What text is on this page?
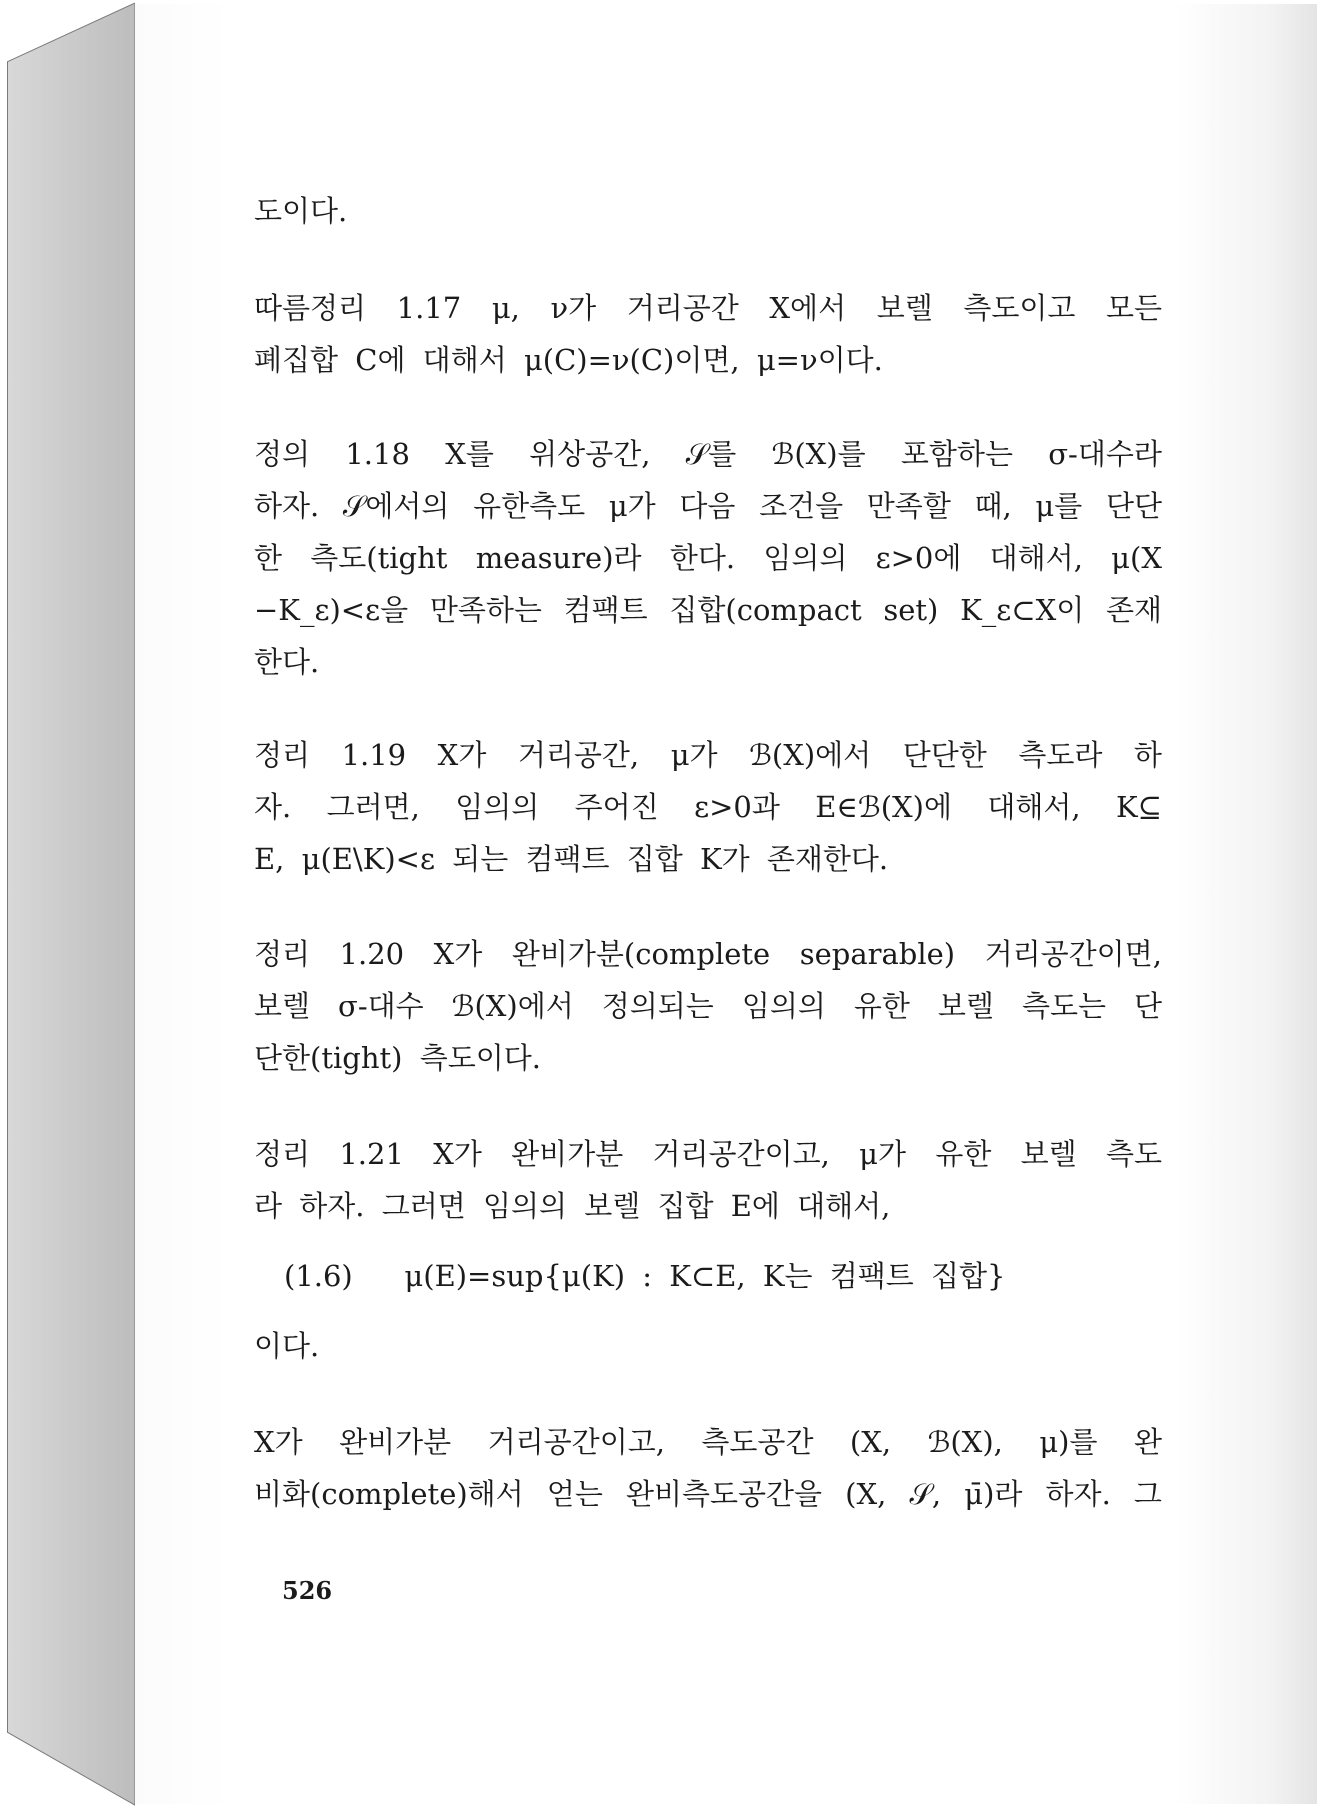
도이다.
따름정리 1.17 μ, ν가 거리공간 X에서 보렐 측도이고 모든
폐집합 C에 대해서 μ(C)=ν(C)이면, μ=ν이다.
정의 1.18 X를 위상공간, 𝒮를 ℬ(X)를 포함하는 σ-대수라
하자. 𝒮에서의 유한측도 μ가 다음 조건을 만족할 때, μ를 단단
한 측도(tight measure)라 한다. 임의의 ε>0에 대해서, μ(X
−K_ε)<ε을 만족하는 컴팩트 집합(compact set) K_ε⊂X이 존재
한다.
정리 1.19 X가 거리공간, μ가 ℬ(X)에서 단단한 측도라 하
자. 그러면, 임의의 주어진 ε>0과 E∈ℬ(X)에 대해서, K⊆
E, μ(E\K)<ε 되는 컴팩트 집합 K가 존재한다.
정리 1.20 X가 완비가분(complete separable) 거리공간이면,
보렐 σ-대수 ℬ(X)에서 정의되는 임의의 유한 보렐 측도는 단
단한(tight) 측도이다.
정리 1.21 X가 완비가분 거리공간이고, μ가 유한 보렐 측도
라 하자. 그러면 임의의 보렐 집합 E에 대해서,
(1.6)   μ(E)=sup{μ(K) : K⊂E, K는 컴팩트 집합}
이다.
X가 완비가분 거리공간이고, 측도공간 (X, ℬ(X), μ)를 완
비화(complete)해서 얻는 완비측도공간을 (X, 𝒮, μ̄)라 하자. 그
526
